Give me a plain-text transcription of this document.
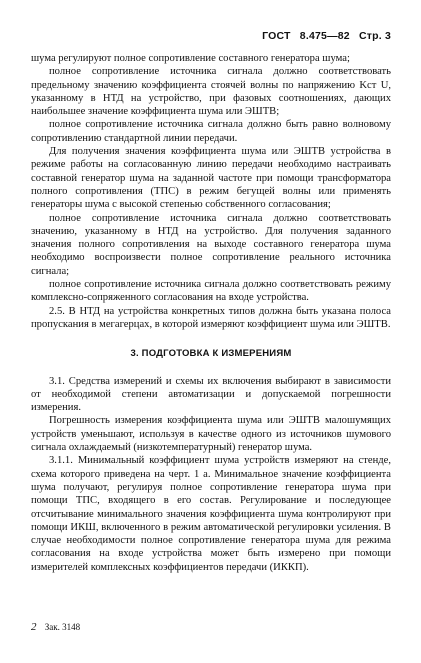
ГОСТ 8.475—82 Стр. 3

шума регулируют полное сопротивление составного генератора шума;

полное сопротивление источника сигнала должно соответствовать предельному значению коэффициента стоячей волны по напряжению Kст U, указанному в НТД на устройство, при фазовых соотношениях, дающих наибольшее значение коэффициента шума или ЭШТВ;

полное сопротивление источника сигнала должно быть равно волновому сопротивлению стандартной линии передачи.

Для получения значения коэффициента шума или ЭШТВ устройства в режиме работы на согласованную линию передачи необходимо настраивать составной генератор шума на заданной частоте при помощи трансформатора полного сопротивления (ТПС) в режим бегущей волны или применять генераторы шума с высокой степенью собственного согласования;

полное сопротивление источника сигнала должно соответствовать значению, указанному в НТД на устройство. Для получения заданного значения полного сопротивления на выходе составного генератора шума необходимо воспроизвести полное сопротивление реального источника сигнала;

полное сопротивление источника сигнала должно соответствовать режиму комплексно-сопряженного согласования на входе устройства.

2.5. В НТД на устройства конкретных типов должна быть указана полоса пропускания в мегагерцах, в которой измеряют коэффициент шума или ЭШТВ.

3. ПОДГОТОВКА К ИЗМЕРЕНИЯМ

3.1. Средства измерений и схемы их включения выбирают в зависимости от необходимой степени автоматизации и допускаемой погрешности измерения.

Погрешность измерения коэффициента шума или ЭШТВ малошумящих устройств уменьшают, используя в качестве одного из источников шумового сигнала охлаждаемый (низкотемпературный) генератор шума.

3.1.1. Минимальный коэффициент шума устройств измеряют на стенде, схема которого приведена на черт. 1 а. Минимальное значение коэффициента шума получают, регулируя полное сопротивление генератора шума при помощи ТПС, входящего в его состав. Регулирование и последующее отсчитывание минимального значения коэффициента шума контролируют при помощи ИКШ, включенного в режим автоматической регулировки усиления. В случае необходимости полное сопротивление генератора шума для режима согласования на входе устройства может быть измерено при помощи измерителей комплексных коэффициентов передачи (ИККП).

2 Зак. 3148
